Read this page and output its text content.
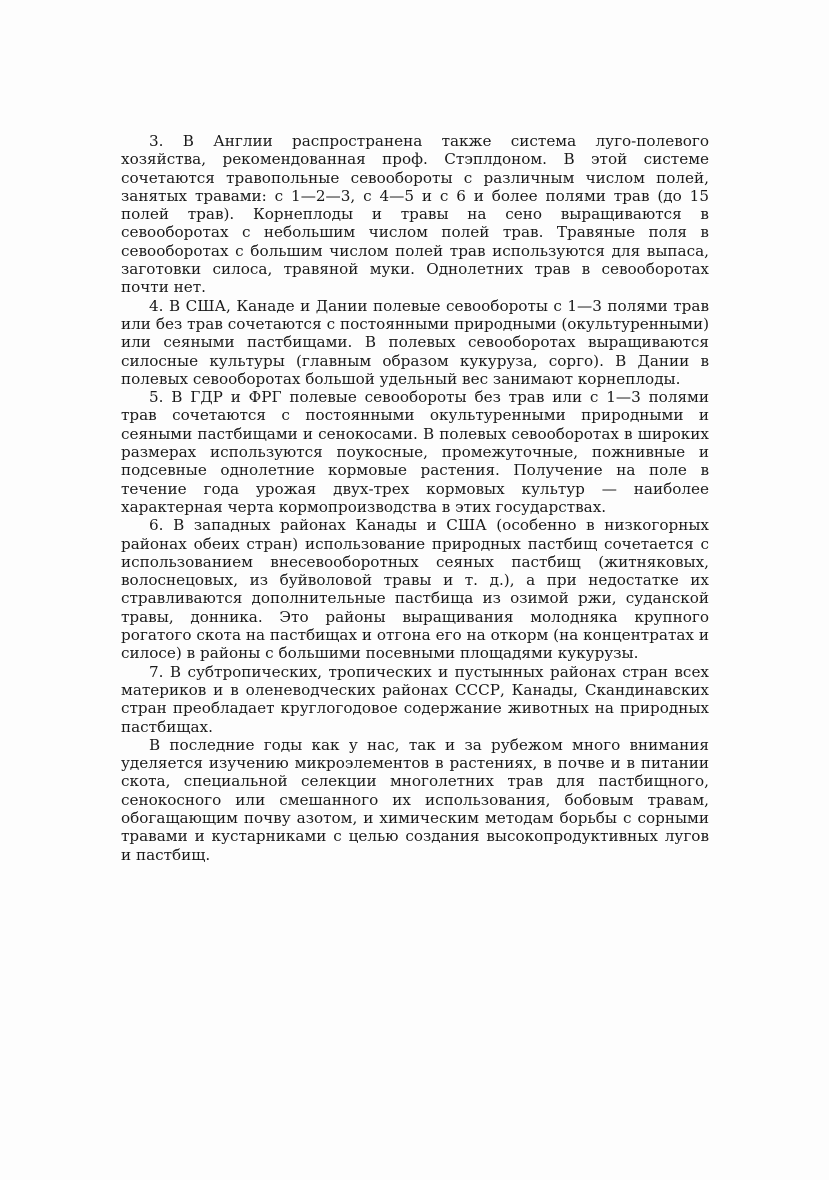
3. В Англии распространена также система луго-полевого хозяйства, рекомендованная проф. Стэплдоном. В этой системе сочетаются травопольные севообороты с различным числом полей, занятых травами: с 1—2—3, с 4—5 и с 6 и более полями трав (до 15 полей трав). Корнеплоды и травы на сено выращиваются в севооборотах с небольшим числом полей трав. Травяные поля в севооборотах с большим числом полей трав используются для выпаса, заготовки силоса, травяной муки. Однолетних трав в севооборотах почти нет.

4. В США, Канаде и Дании полевые севообороты с 1—3 полями трав или без трав сочетаются с постоянными природными (окультуренными) или сеяными пастбищами. В полевых севооборотах выращиваются силосные культуры (главным образом кукуруза, сорго). В Дании в полевых севооборотах большой удельный вес занимают корнеплоды.

5. В ГДР и ФРГ полевые севообороты без трав или с 1—3 полями трав сочетаются с постоянными окультуренными природными и сеяными пастбищами и сенокосами. В полевых севооборотах в широких размерах используются поукосные, промежуточные, пожнивные и подсевные однолетние кормовые растения. Получение на поле в течение года урожая двух-трех кормовых культур — наиболее характерная черта кормопроизводства в этих государствах.

6. В западных районах Канады и США (особенно в низкогорных районах обеих стран) использование природных пастбищ сочетается с использованием внесевооборотных сеяных пастбищ (житняковых, волоснецовых, из буйволовой травы и т. д.), а при недостатке их стравливаются дополнительные пастбища из озимой ржи, суданской травы, донника. Это районы выращивания молодняка крупного рогатого скота на пастбищах и отгона его на откорм (на концентратах и силосе) в районы с большими посевными площадями кукурузы.

7. В субтропических, тропических и пустынных районах стран всех материков и в оленеводческих районах СССР, Канады, Скандинавских стран преобладает круглогодовое содержание животных на природных пастбищах.

В последние годы как у нас, так и за рубежом много внимания уделяется изучению микроэлементов в растениях, в почве и в питании скота, специальной селекции многолетних трав для пастбищного, сенокосного или смешанного их использования, бобовым травам, обогащающим почву азотом, и химическим методам борьбы с сорными травами и кустарниками с целью создания высокопродуктивных лугов и пастбищ.
